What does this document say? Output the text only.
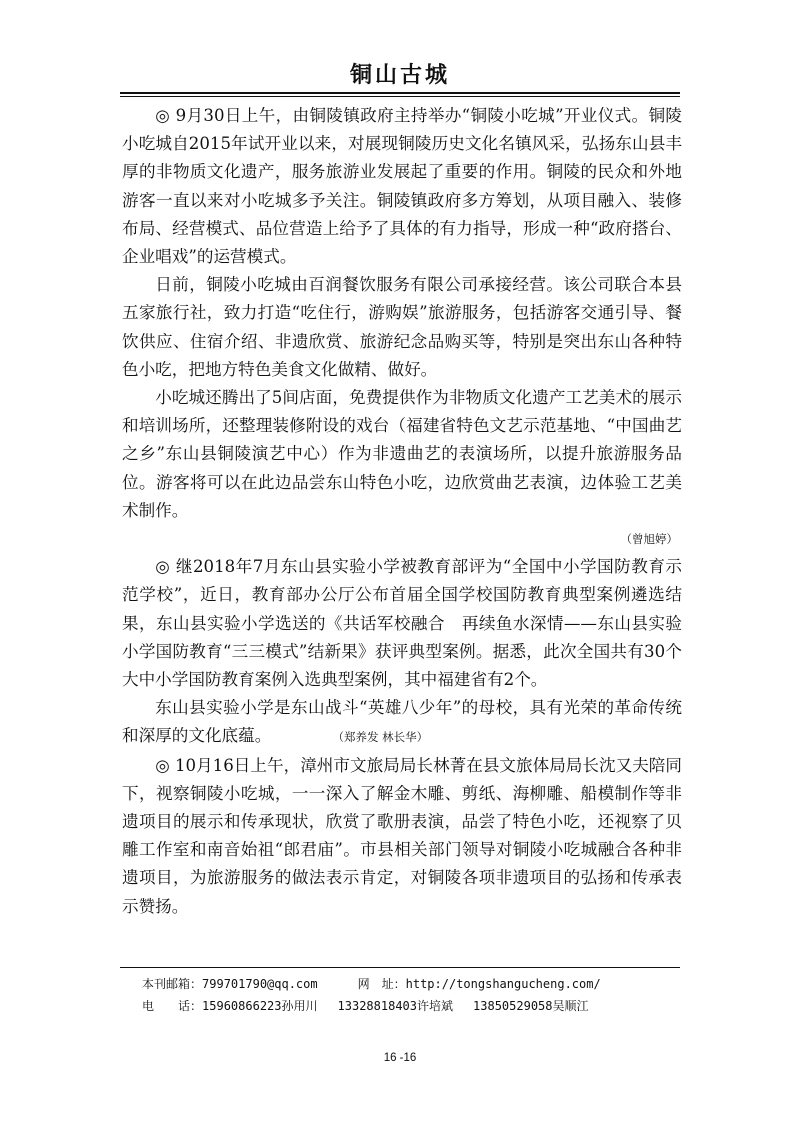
铜山古城

◎ 9月30日上午，由铜陵镇政府主持举办“铜陵小吃城”开业仪式。铜陵小吃城自2015年试开业以来，对展现铜陵历史文化名镇风采，弘扬东山县丰厚的非物质文化遗产，服务旅游业发展起了重要的作用。铜陵的民众和外地游客一直以来对小吃城多予关注。铜陵镇政府多方筹划，从项目融入、装修布局、经营模式、品位营造上给予了具体的有力指导，形成一种“政府搭台、企业唱戏”的运营模式。

日前，铜陵小吃城由百润餐饮服务有限公司承接经营。该公司联合本县五家旅行社，致力打造“吃住行，游购娱”旅游服务，包括游客交通引导、餐饮供应、住宿介绍、非遗欣赏、旅游纪念品购买等，特别是突出东山各种特色小吃，把地方特色美食文化做精、做好。

小吃城还腾出了5间店面，免费提供作为非物质文化遗产工艺美术的展示和培训场所，还整理装修附设的戏台（福建省特色文艺示范基地、“中国曲艺之乡”东山县铜陵演艺中心）作为非遗曲艺的表演场所，以提升旅游服务品位。游客将可以在此边品尝东山特色小吃，边欣赏曲艺表演，边体验工艺美术制作。

（曾旭婷）

◎ 继2018年7月东山县实验小学被教育部评为“全国中小学国防教育示范学校”，近日，教育部办公厅公布首届全国学校国防教育典型案例遴选结果，东山县实验小学选送的《共话军校融合　再续鱼水深情——东山县实验小学国防教育“三三模式”结新果》获评典型案例。据悉，此次全国共有30个大中小学国防教育案例入选典型案例，其中福建省有2个。

东山县实验小学是东山战斗“英雄八少年”的母校，具有光荣的革命传统和深厚的文化底蕴。	（郑养发 林长华）

◎ 10月16日上午，漳州市文旅局局长林菁在县文旅体局局长沈又夫陪同下，视察铜陵小吃城，一一深入了解金木雕、剪纸、海柳雕、船模制作等非遗项目的展示和传承现状，欣赏了歌册表演，品尝了特色小吃，还视察了贝雕工作室和南音始祖“郎君庙”。市县相关部门领导对铜陵小吃城融合各种非遗项目，为旅游服务的做法表示肯定，对铜陵各项非遗项目的弘扬和传承表示赞扬。

本刊邮箱：799701790@qq.com	网　址：http://tongshangucheng.com/
电　　话：15960866223孙用川 13328818403许培斌 13850529058吴顺江
16 -16
